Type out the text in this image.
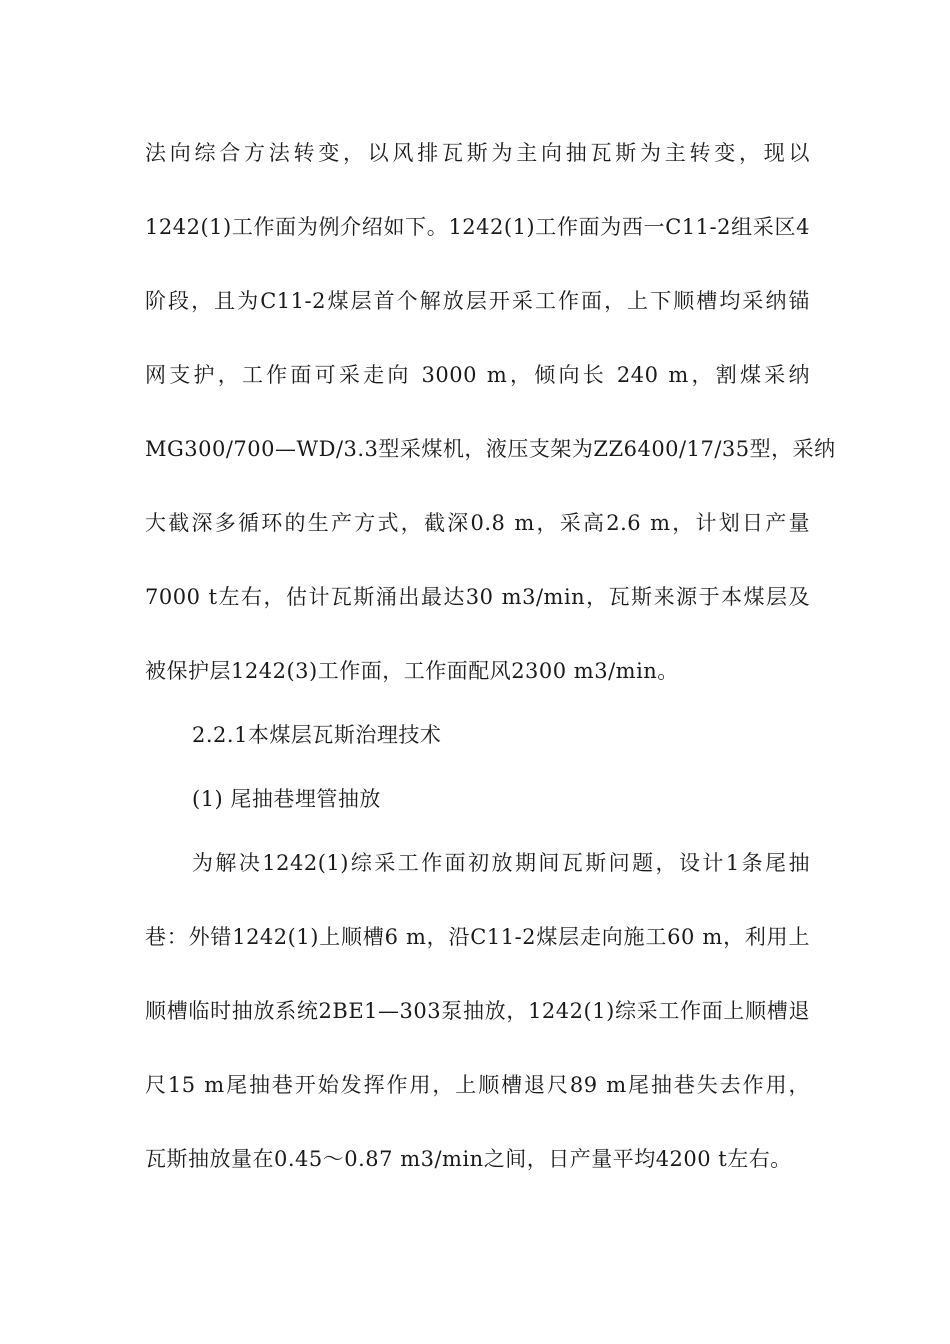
法向综合方法转变，以风排瓦斯为主向抽瓦斯为主转变，现以
1242(1)工作面为例介绍如下。1242(1)工作面为西一C11-2组采区4
阶段，且为C11-2煤层首个解放层开采工作面，上下顺槽均采纳锚
网支护，工作面可采走向 3000 m，倾向长 240 m，割煤采纳
MG300/700—WD/3.3型采煤机，液压支架为ZZ6400/17/35型，采纳
大截深多循环的生产方式，截深0.8 m，采高2.6 m，计划日产量
7000 t左右，估计瓦斯涌出最达30 m3/min，瓦斯来源于本煤层及
被保护层1242(3)工作面，工作面配风2300 m3/min。
2.2.1本煤层瓦斯治理技术
(1) 尾抽巷埋管抽放
为解决1242(1)综采工作面初放期间瓦斯问题，设计1条尾抽
巷：外错1242(1)上顺槽6 m，沿C11-2煤层走向施工60 m，利用上
顺槽临时抽放系统2BE1—303泵抽放，1242(1)综采工作面上顺槽退
尺15 m尾抽巷开始发挥作用，上顺槽退尺89 m尾抽巷失去作用，
瓦斯抽放量在0.45～0.87 m3/min之间，日产量平均4200 t左右。
